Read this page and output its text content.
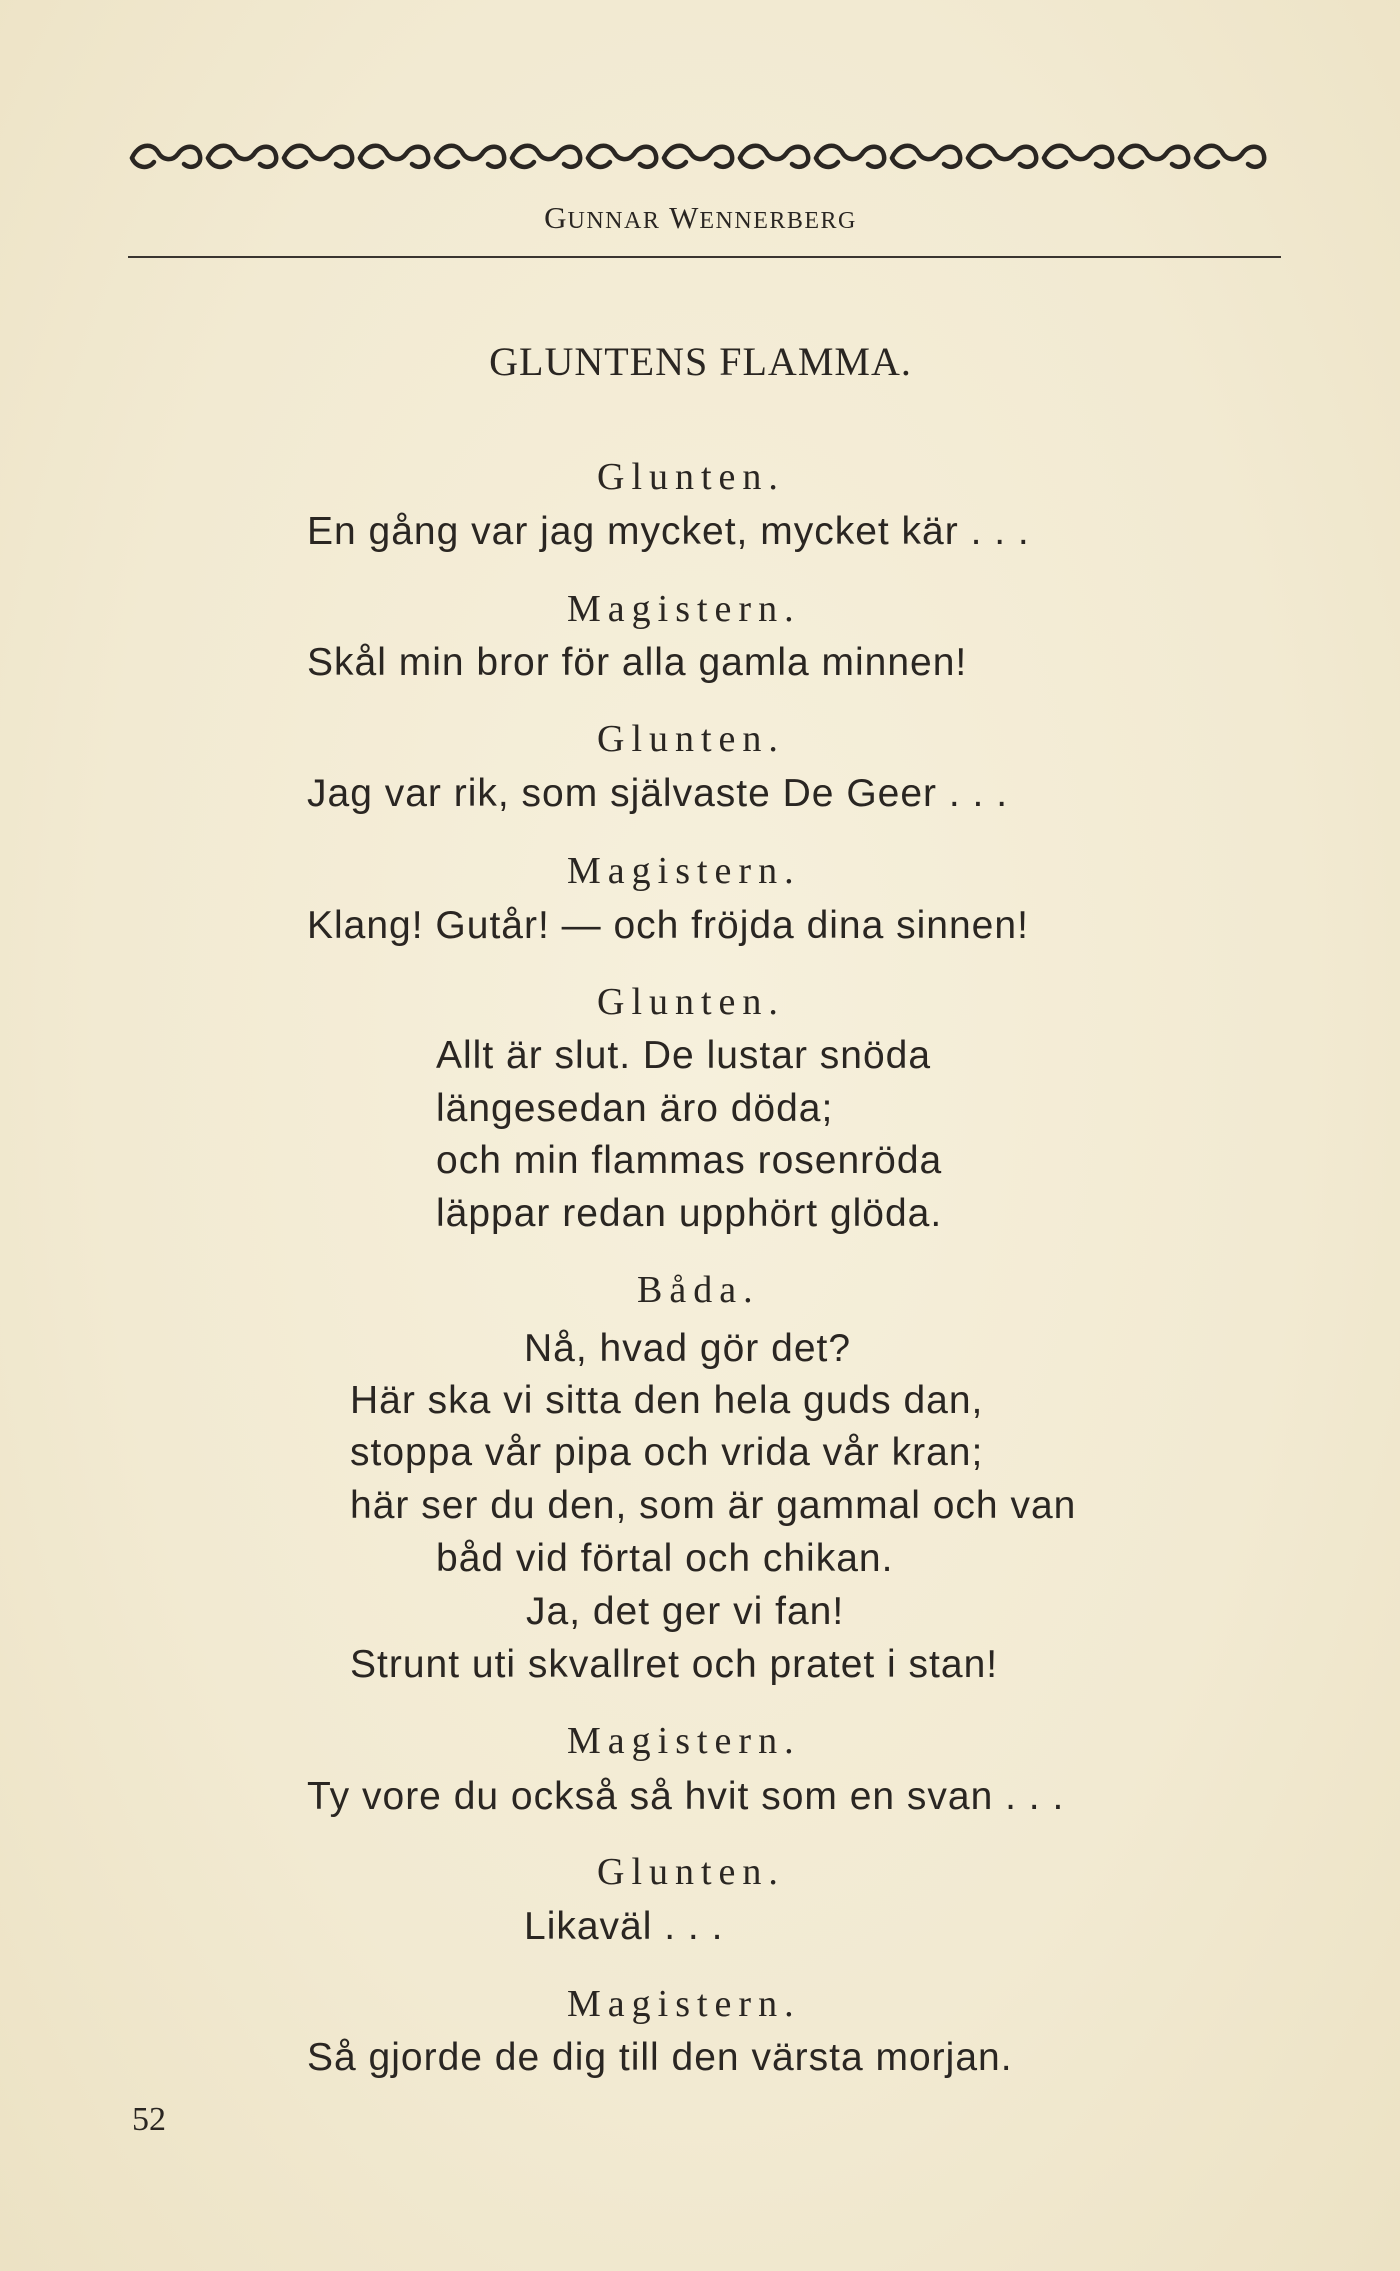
GUNNAR WENNERBERG
GLUNTENS FLAMMA.
Glunten.
En gång var jag mycket, mycket kär . . .
Magistern.
Skål min bror för alla gamla minnen!
Glunten.
Jag var rik, som självaste De Geer . . .
Magistern.
Klang! Gutår! — och fröjda dina sinnen!
Glunten.
Allt är slut. De lustar snöda
längesedan äro döda;
och min flammas rosenröda
läppar redan upphört glöda.
Båda.
Nå, hvad gör det?
Här ska vi sitta den hela guds dan,
stoppa vår pipa och vrida vår kran;
här ser du den, som är gammal och van
båd vid förtal och chikan.
Ja, det ger vi fan!
Strunt uti skvallret och pratet i stan!
Magistern.
Ty vore du också så hvit som en svan . . .
Glunten.
Likaväl . . .
Magistern.
Så gjorde de dig till den värsta morjan.
52
